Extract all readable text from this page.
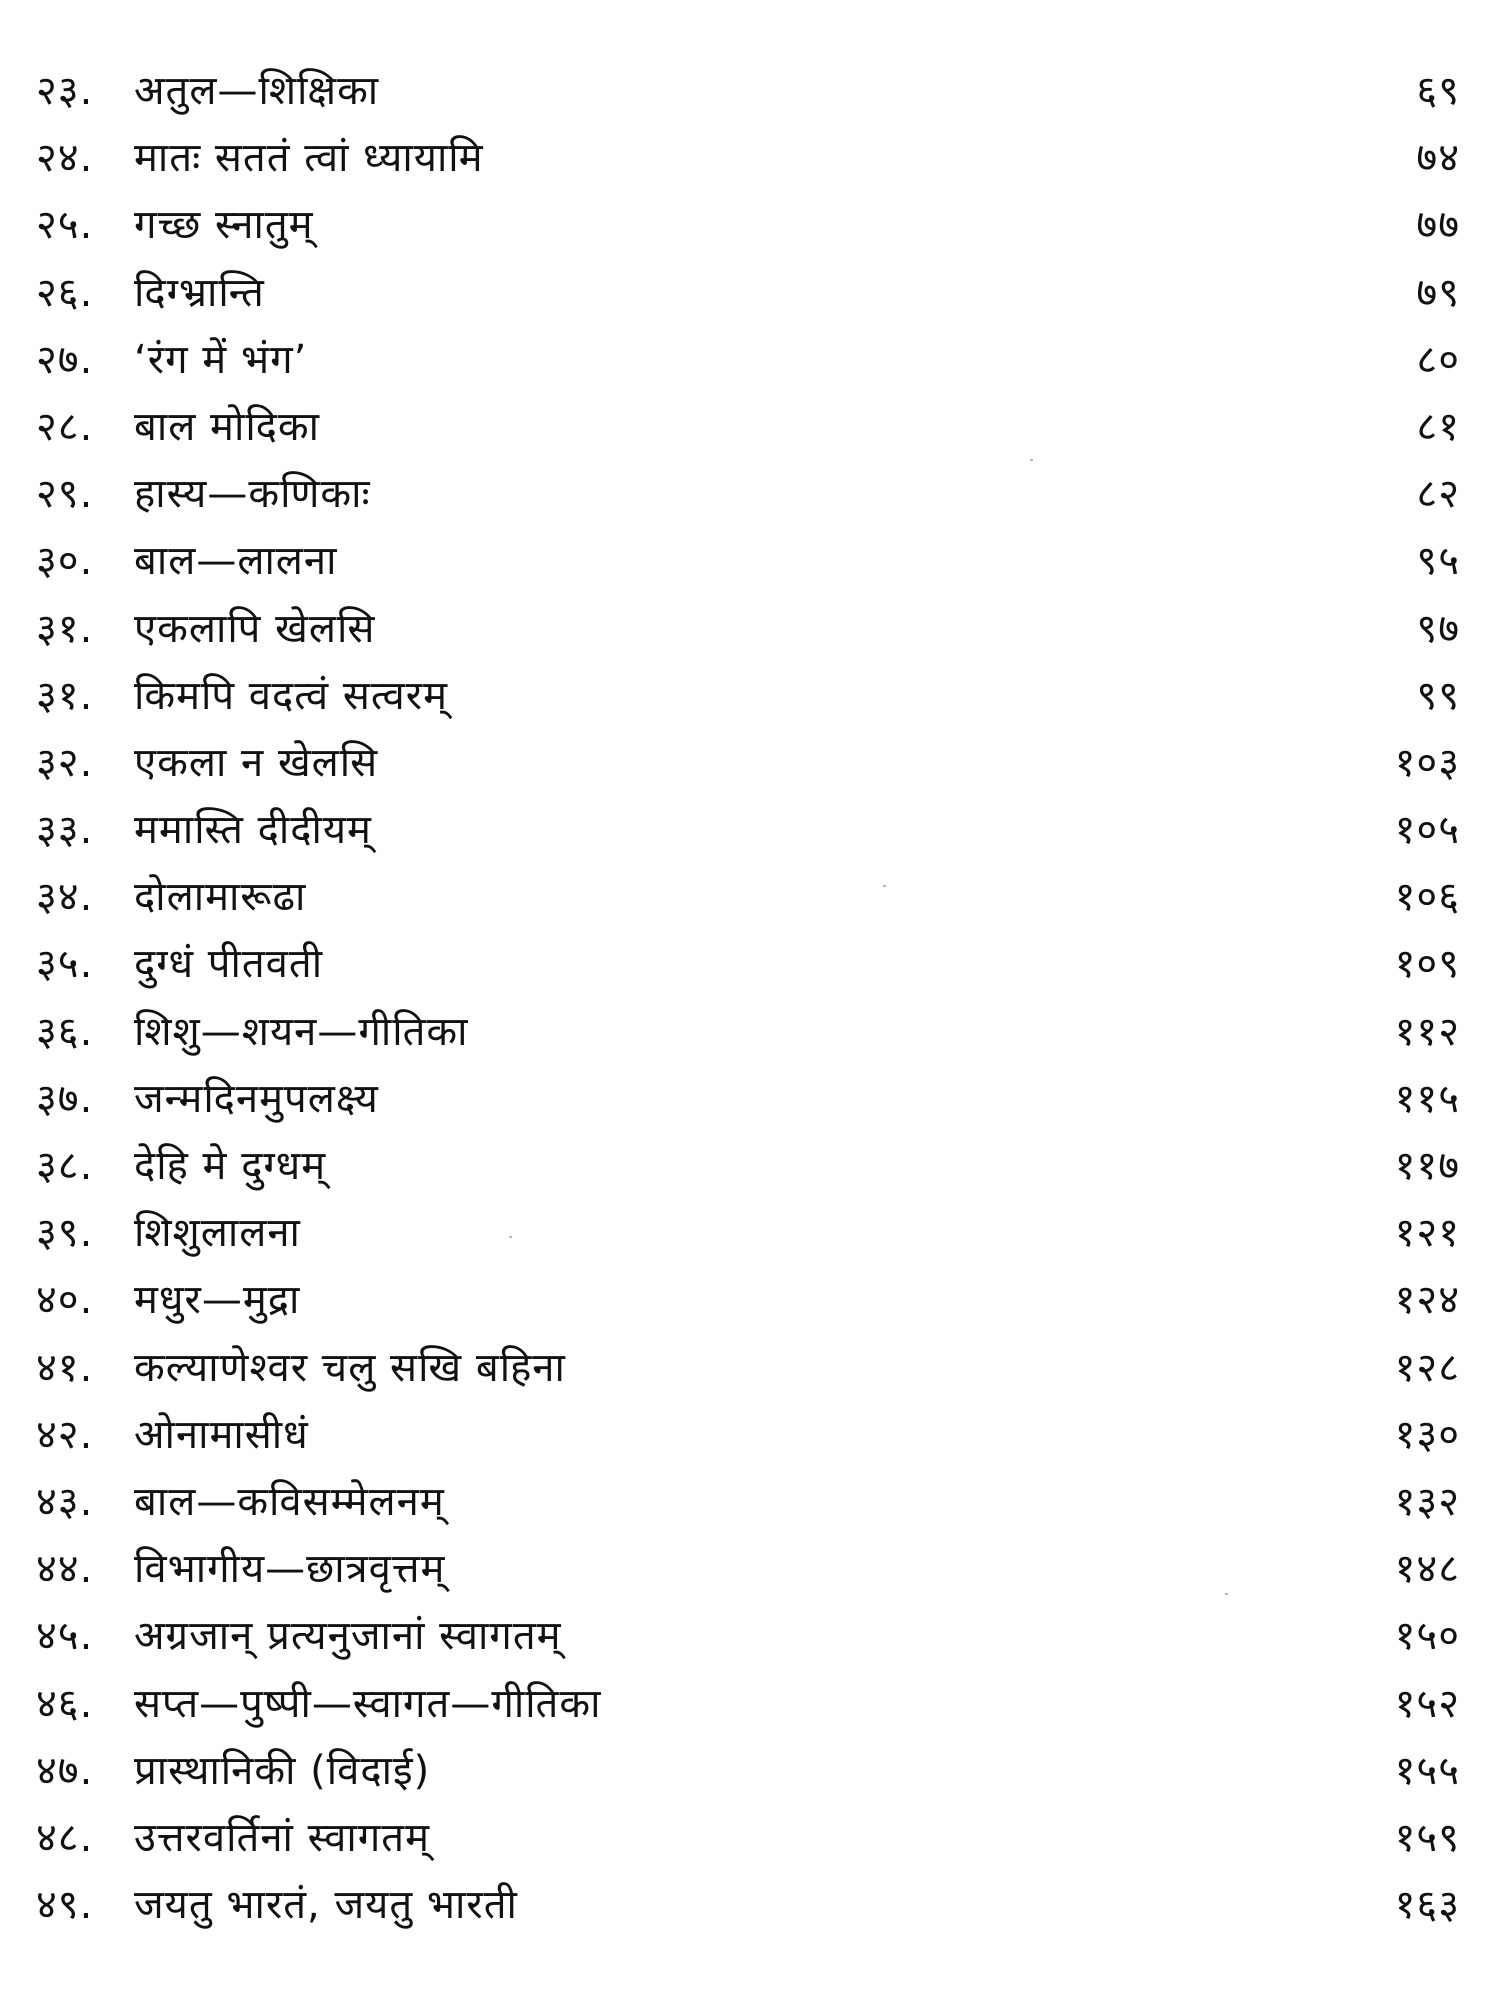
२३. अतुल—शिक्षिका	६९
२४. मातः सततं त्वां ध्यायामि	७४
२५. गच्छ स्नातुम्	७७
२६. दिग्भ्रान्ति	७९
२७. ‘रंग में भंग’	८०
२८. बाल मोदिका	८१
२९. हास्य—कणिकाः	८२
३०. बाल—लालना	९५
३१. एकलापि खेलसि	९७
३१. किमपि वदत्वं सत्वरम्	९९
३२. एकला न खेलसि	१०३
३३. ममास्ति दीदीयम्	१०५
३४. दोलामारूढा	१०६
३५. दुग्धं पीतवती	१०९
३६. शिशु—शयन—गीतिका	११२
३७. जन्मदिनमुपलक्ष्य	११५
३८. देहि मे दुग्धम्	११७
३९. शिशुलालना	१२१
४०. मधुर—मुद्रा	१२४
४१. कल्याणेश्वर चलु सखि बहिना	१२८
४२. ओनामासीधं	१३०
४३. बाल—कविसम्मेलनम्	१३२
४४. विभागीय—छात्रवृत्तम्	१४८
४५. अग्रजान् प्रत्यनुजानां स्वागतम्	१५०
४६. सप्त—पुष्पी—स्वागत—गीतिका	१५२
४७. प्रास्थानिकी (विदाई)	१५५
४८. उत्तरवर्तिनां स्वागतम्	१५९
४९. जयतु भारतं, जयतु भारती	१६३
